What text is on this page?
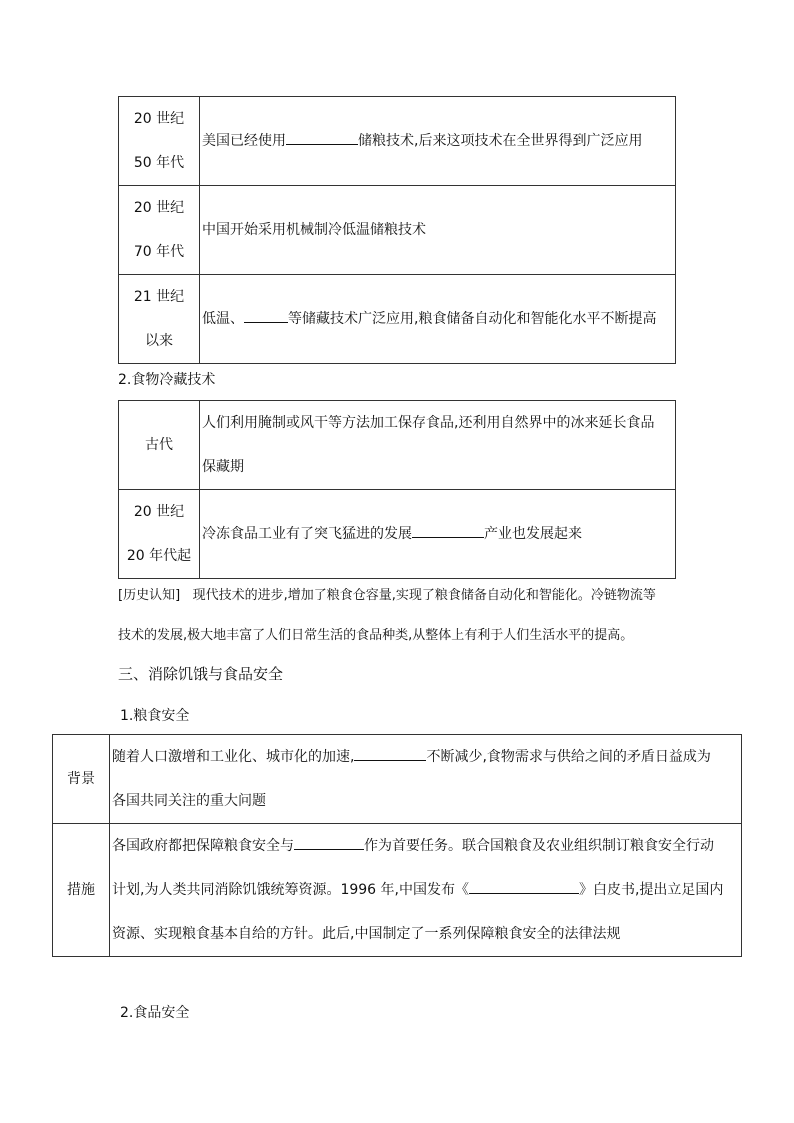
20 世纪
50 年代	美国已经使用 储粮技术,后来这项技术在全世界得到广泛应用

20 世纪
70 年代	中国开始采用机械制冷低温储粮技术

21 世纪
以来	低温、 等储藏技术广泛应用,粮食储备自动化和智能化水平不断提高
2.食物冷藏技术
古代	人们利用腌制或风干等方法加工保存食品,还利用自然界中的冰来延长食品
保藏期

20 世纪
20 年代起	冷冻食品工业有了突飞猛进的发展 产业也发展起来
[历史认知] 现代技术的进步,增加了粮食仓容量,实现了粮食储备自动化和智能化。冷链物流等
技术的发展,极大地丰富了人们日常生活的食品种类,从整体上有利于人们生活水平的提高。
三、消除饥饿与食品安全
1.粮食安全
背景	随着人口激增和工业化、城市化的加速, 不断减少,食物需求与供给之间的矛盾日益成为
各国共同关注的重大问题

措施	各国政府都把保障粮食安全与 作为首要任务。联合国粮食及农业组织制订粮食安全行动
计划,为人类共同消除饥饿统筹资源。1996 年,中国发布《 》白皮书,提出立足国内
资源、实现粮食基本自给的方针。此后,中国制定了一系列保障粮食安全的法律法规
2.食品安全
